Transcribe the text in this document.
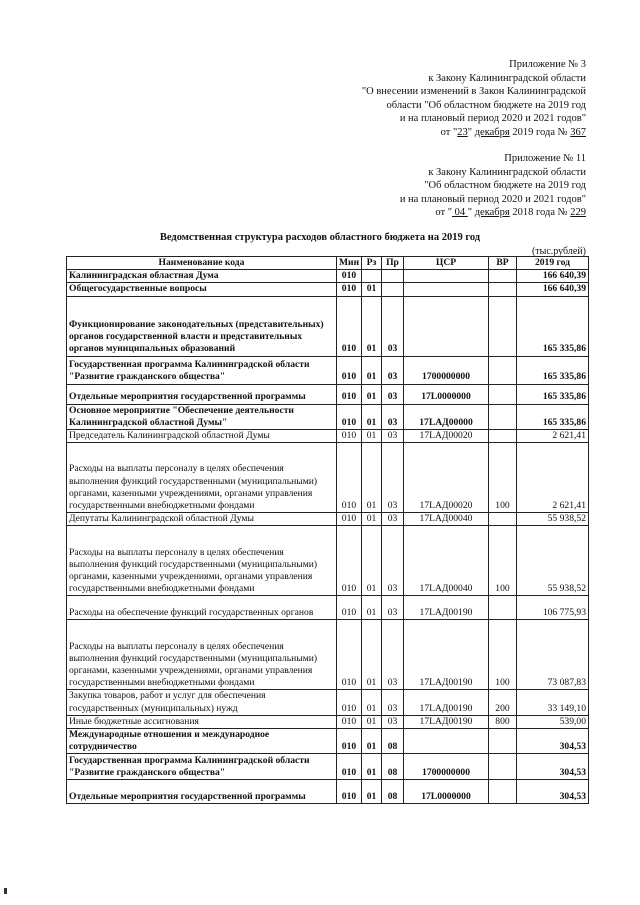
Приложение № 3
к Закону Калининградской области
"О внесении изменений в Закон Калининградской
области "Об областном бюджете на 2019 год
и на плановый период 2020 и 2021 годов"
от "23" декабря 2019 года № 367
Приложение № 11
к Закону Калининградской области
"Об областном бюджете на 2019 год
и на плановый период 2020 и 2021 годов"
от " 04 " декабря 2018 года № 229
Ведомственная структура расходов областного бюджета на 2019 год
(тыс.рублей)
Наименование кода	Мин	Рз	Пр	ЦСР	ВР	2019 год
Калининградская областная Дума	010					166 640,39
Общегосударственные вопросы	010	01				166 640,39
Функционирование законодательных (представительных) органов государственной власти и представительных органов муниципальных образований	010	01	03			165 335,86
Государственная программа Калининградской области "Развитие гражданского общества"	010	01	03	1700000000		165 335,86
Отдельные мероприятия государственной программы	010	01	03	17L0000000		165 335,86
Основное мероприятие "Обеспечение деятельности Калининградской областной Думы"	010	01	03	17LАД00000		165 335,86
Председатель Калининградской областной Думы	010	01	03	17LАД00020		2 621,41
Расходы на выплаты персоналу в целях обеспечения выполнения функций государственными (муниципальными) органами, казенными учреждениями, органами управления государственными внебюджетными фондами	010	01	03	17LАД00020	100	2 621,41
Депутаты Калининградской областной Думы	010	01	03	17LАД00040		55 938,52
Расходы на выплаты персоналу в целях обеспечения выполнения функций государственными (муниципальными) органами, казенными учреждениями, органами управления государственными внебюджетными фондами	010	01	03	17LАД00040	100	55 938,52
Расходы на обеспечение функций государственных органов	010	01	03	17LАД00190		106 775,93
Расходы на выплаты персоналу в целях обеспечения выполнения функций государственными (муниципальными) органами, казенными учреждениями, органами управления государственными внебюджетными фондами	010	01	03	17LАД00190	100	73 087,83
Закупка товаров, работ и услуг для обеспечения государственных (муниципальных) нужд	010	01	03	17LАД00190	200	33 149,10
Иные бюджетные ассигнования	010	01	03	17LАД00190	800	539,00
Международные отношения и международное сотрудничество	010	01	08			304,53
Государственная программа Калининградской области "Развитие гражданского общества"	010	01	08	1700000000		304,53
Отдельные мероприятия государственной программы	010	01	08	17L0000000		304,53
